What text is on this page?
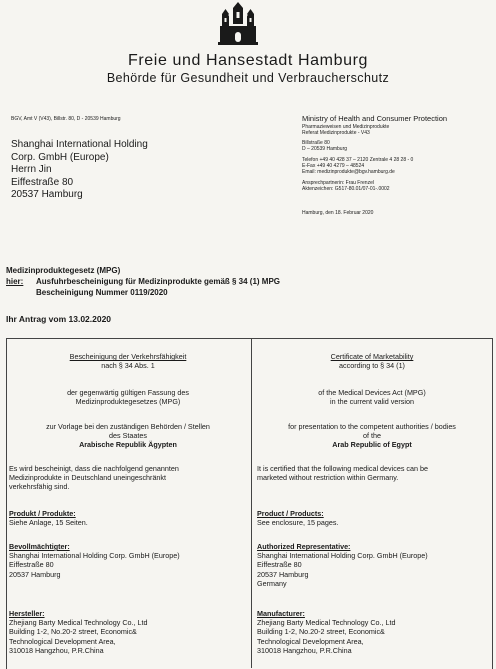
Freie und Hansestadt Hamburg
Behörde für Gesundheit und Verbraucherschutz
BGV, Amt V (V43), Billstr. 80, D - 20539 Hamburg
Shanghai International Holding
Corp. GmbH (Europe)
Herrn Jin
Eiffestraße 80
20537 Hamburg
Ministry of Health and Consumer Protection
Pharmazieweisen und Medizinprodukte
Referat Medizinprodukte - V43
Billstraße 80
D – 20539 Hamburg
Telefon +49 40 428 37 – 2120 Zentrale 4 28 28 - 0
E-Fax +49 40 4279 – 48524
Email: medizinprodukte@bgv.hamburg.de
Ansprechpartnerin: Frau Frenzel
Aktenzeichen: G517-80.01/07-01-.0002
Hamburg, den 18. Februar 2020
Medizinproduktegesetz (MPG)
hier: Ausfuhrbescheinigung für Medizinprodukte gemäß § 34 (1) MPG
Bescheinigung Nummer 0119/2020
Ihr Antrag vom 13.02.2020
Bescheinigung der Verkehrsfähigkeit
nach § 34 Abs. 1
der gegenwärtig gültigen Fassung des
Medizinproduktegesetzes (MPG)
zur Vorlage bei den zuständigen Behörden / Stellen
des Staates
Arabische Republik Ägypten
Es wird bescheinigt, dass die nachfolgend genannten
Medizinprodukte in Deutschland uneingeschränkt
verkehrsfähig sind.
Produkt / Produkte:
Siehe Anlage, 15 Seiten.
Bevollmächtigter:
Shanghai International Holding Corp. GmbH (Europe)
Eiffestraße 80
20537 Hamburg
Hersteller:
Zhejiang Barty Medical Technology Co., Ltd
Building 1-2, No.20-2 street, Economic&
Technological Development Area,
310018 Hangzhou, P.R.China
Certificate of Marketability
according to § 34 (1)
of the Medical Devices Act (MPG)
in the current valid version
for presentation to the competent authorities / bodies
of the
Arab Republic of Egypt
It is certified that the following medical devices can be
marketed without restriction within Germany.
Product / Products:
See enclosure, 15 pages.
Authorized Representative:
Shanghai International Holding Corp. GmbH (Europe)
Eiffestraße 80
20537 Hamburg
Germany
Manufacturer:
Zhejiang Barty Medical Technology Co., Ltd
Building 1-2, No.20-2 street, Economic&
Technological Development Area,
310018 Hangzhou, P.R.China
